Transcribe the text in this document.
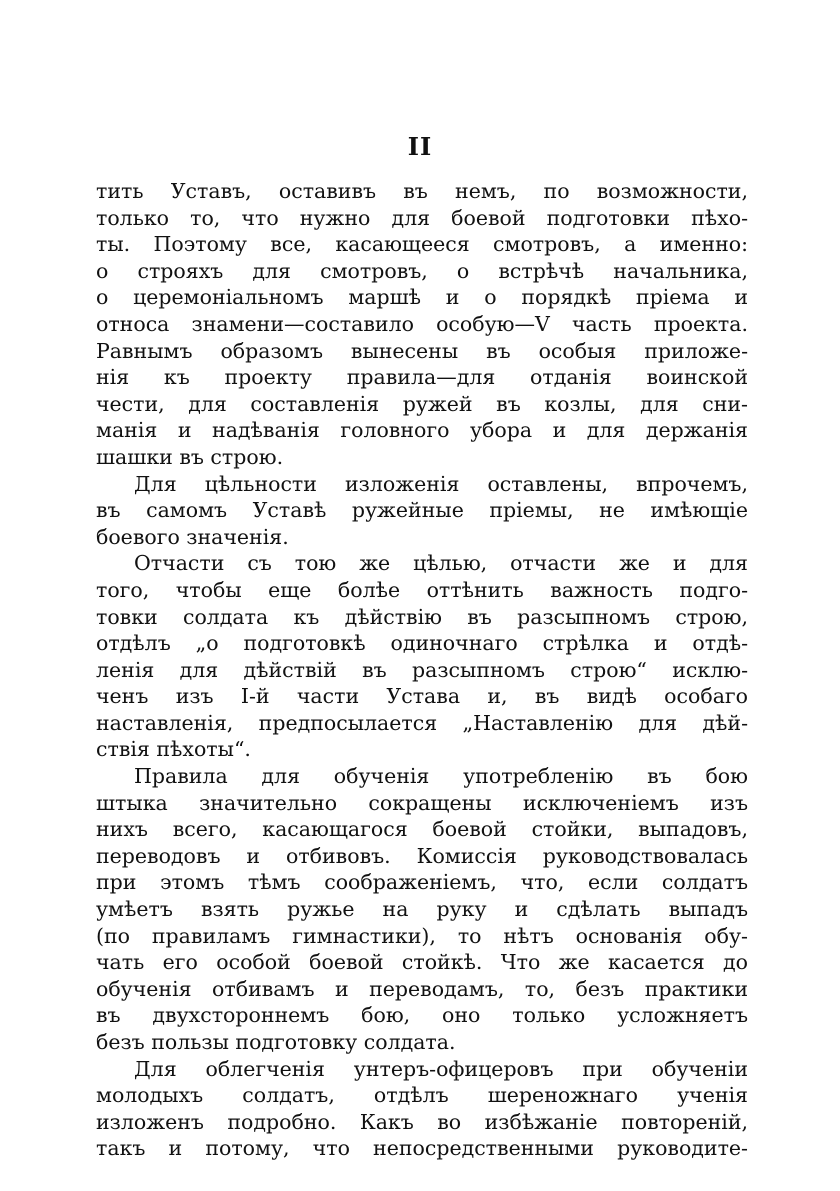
II
тить Уставъ, оставивъ въ немъ, по возможности,
только то, что нужно для боевой подготовки пѣхо-
ты. Поэтому все, касающееся смотровъ, а именно:
о строяхъ для смотровъ, о встрѣчѣ начальника,
о церемоніальномъ маршѣ и о порядкѣ пріема и
относа знамени—составило особую—V часть проекта.
Равнымъ образомъ вынесены въ особыя приложе-
нія къ проекту правила—для отданія воинской
чести, для составленія ружей въ козлы, для сни-
манія и надѣванія головного убора и для держанія
шашки въ строю.
Для цѣльности изложенія оставлены, впрочемъ,
въ самомъ Уставѣ ружейные пріемы, не имѣющіе
боевого значенія.
Отчасти съ тою же цѣлью, отчасти же и для
того, чтобы еще болѣе оттѣнить важность подго-
товки солдата къ дѣйствію въ разсыпномъ строю,
отдѣлъ „о подготовкѣ одиночнаго стрѣлка и отдѣ-
ленія для дѣйствій въ разсыпномъ строю“ исклю-
ченъ изъ I-й части Устава и, въ видѣ особаго
наставленія, предпосылается „Наставленію для дѣй-
ствія пѣхоты“.
Правила для обученія употребленію въ бою
штыка значительно сокращены исключеніемъ изъ
нихъ всего, касающагося боевой стойки, выпадовъ,
переводовъ и отбивовъ. Комиссія руководствовалась
при этомъ тѣмъ соображеніемъ, что, если солдатъ
умѣетъ взять ружье на руку и сдѣлать выпадъ
(по правиламъ гимнастики), то нѣтъ основанія обу-
чать его особой боевой стойкѣ. Что же касается до
обученія отбивамъ и переводамъ, то, безъ практики
въ двухстороннемъ бою, оно только усложняетъ
безъ пользы подготовку солдата.
Для облегченія унтеръ-офицеровъ при обученіи
молодыхъ солдатъ, отдѣлъ шереножнаго ученія
изложенъ подробно. Какъ во избѣжаніе повтореній,
такъ и потому, что непосредственными руководите-
